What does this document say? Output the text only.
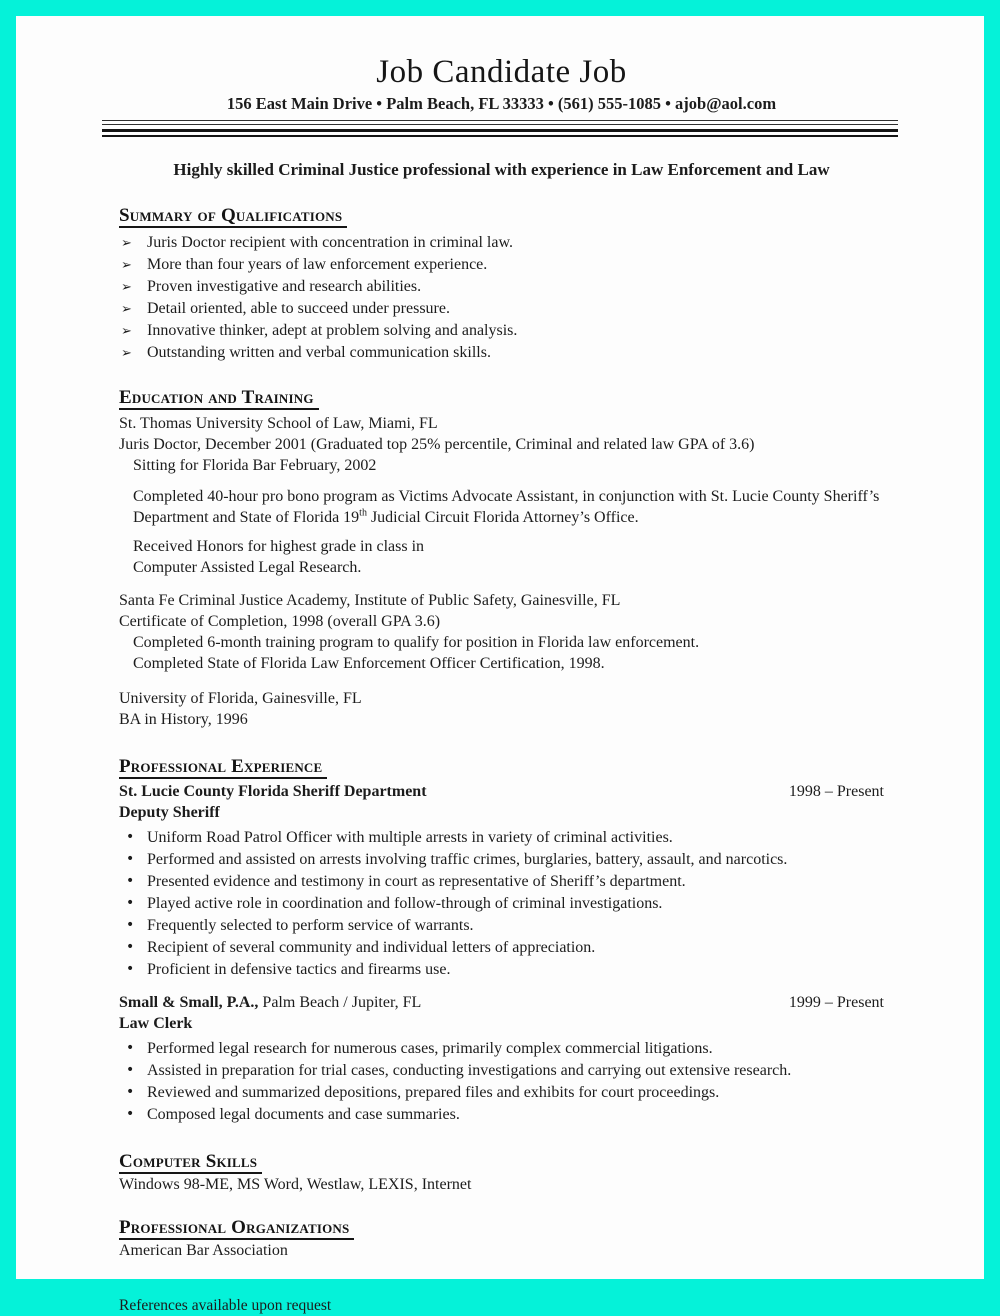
Job Candidate Job
156 East Main Drive • Palm Beach, FL 33333 • (561) 555-1085 • ajob@aol.com
Highly skilled Criminal Justice professional with experience in Law Enforcement and Law
Summary of Qualifications
➢ Juris Doctor recipient with concentration in criminal law.
➢ More than four years of law enforcement experience.
➢ Proven investigative and research abilities.
➢ Detail oriented, able to succeed under pressure.
➢ Innovative thinker, adept at problem solving and analysis.
➢ Outstanding written and verbal communication skills.
Education and Training

St. Thomas University School of Law, Miami, FL

Juris Doctor, December 2001 (Graduated top 25% percentile, Criminal and related law GPA of 3.6)

Sitting for Florida Bar February, 2002

Completed 40-hour pro bono program as Victims Advocate Assistant, in conjunction with St. Lucie County Sheriff’s Department and State of Florida 19th Judicial Circuit Florida Attorney’s Office.

Received Honors for highest grade in class in

Computer Assisted Legal Research.

Santa Fe Criminal Justice Academy, Institute of Public Safety, Gainesville, FL

Certificate of Completion, 1998 (overall GPA 3.6)

Completed 6-month training program to qualify for position in Florida law enforcement.

Completed State of Florida Law Enforcement Officer Certification, 1998.

University of Florida, Gainesville, FL

BA in History, 1996

Professional Experience
St. Lucie County Florida Sheriff Department	1998 – Present

Deputy Sheriff

• Uniform Road Patrol Officer with multiple arrests in variety of criminal activities.
• Performed and assisted on arrests involving traffic crimes, burglaries, battery, assault, and narcotics.
• Presented evidence and testimony in court as representative of Sheriff’s department.
• Played active role in coordination and follow-through of criminal investigations.
• Frequently selected to perform service of warrants.
• Recipient of several community and individual letters of appreciation.
• Proficient in defensive tactics and firearms use.
Small & Small, P.A., Palm Beach / Jupiter, FL	1999 – Present

Law Clerk

• Performed legal research for numerous cases, primarily complex commercial litigations.
• Assisted in preparation for trial cases, conducting investigations and carrying out extensive research.
• Reviewed and summarized depositions, prepared files and exhibits for court proceedings.
• Composed legal documents and case summaries.
Computer Skills

Windows 98-ME, MS Word, Westlaw, LEXIS, Internet

Professional Organizations

American Bar Association

References available upon request
